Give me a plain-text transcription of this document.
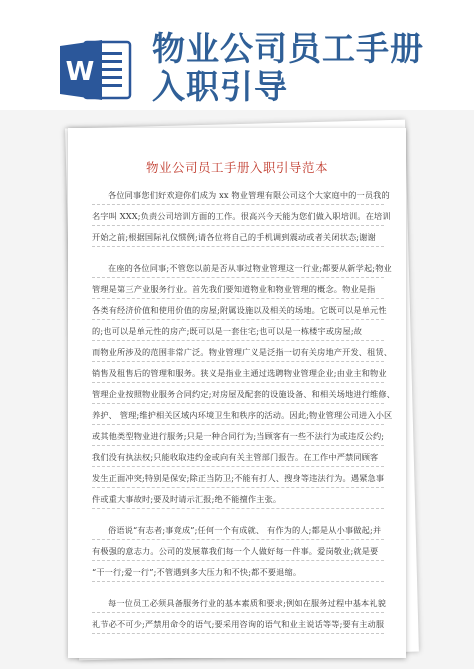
W
物业公司员工手册
入职引导
物业公司员工手册入职引导范本
各位同事您们好欢迎你们成为 xx 物业管理有限公司这个大家庭中的一员我的
名字叫 XXX;负责公司培训方面的工作。很高兴今天能为您们做入职培训。在培训
开始之前;根据国际礼仪惯例;请各位将自己的手机调到震动或者关闭状态;谢谢
在座的各位同事;不管您以前是否从事过物业管理这一行业;都要从新学起;物业
管理是第三产业服务行业。首先我们要知道物业和物业管理的概念。物业是指
各类有经济价值和使用价值的房屋;附属设施以及相关的场地。它既可以是单元性
的;也可以是单元性的房产;既可以是一套住宅;也可以是一栋楼宇或房屋;故
而物业所涉及的范围非常广泛。物业管理广义是泛指一切有关房地产开发、租赁、
销售及租售后的管理和服务。狭义是指业主通过选聘物业管理企业;由业主和物业
管理企业按照物业服务合同约定;对房屋及配套的设施设备、和相关场地进行维修、
养护、 管理;维护相关区域内环境卫生和秩序的活动。因此;物业管理公司进入小区
或其他类型物业进行服务;只是一种合同行为;当顾客有一些不法行为或违反公约;
我们没有执法权;只能收取违约金或向有关主管部门报告。在工作中严禁同顾客
发生正面冲突;特别是保安;除正当防卫;不能有打人、搜身等违法行为。遇紧急事
件或重大事故时;要及时请示汇报;绝不能擅作主张。
俗语说“有志者;事竟成”;任何一个有成就、 有作为的人;都是从小事做起;并
有极强的意志力。公司的发展靠我们每一个人做好每一件事。爱岗敬业;就是要
“干一行;爱一行”;不管遇到多大压力和不快;都不要退缩。
每一位员工必须具备服务行业的基本素质和要求;例如在服务过程中基本礼貌
礼节必不可少;严禁用命令的语气;要采用咨询的语气和业主说话等等;要有主动服
